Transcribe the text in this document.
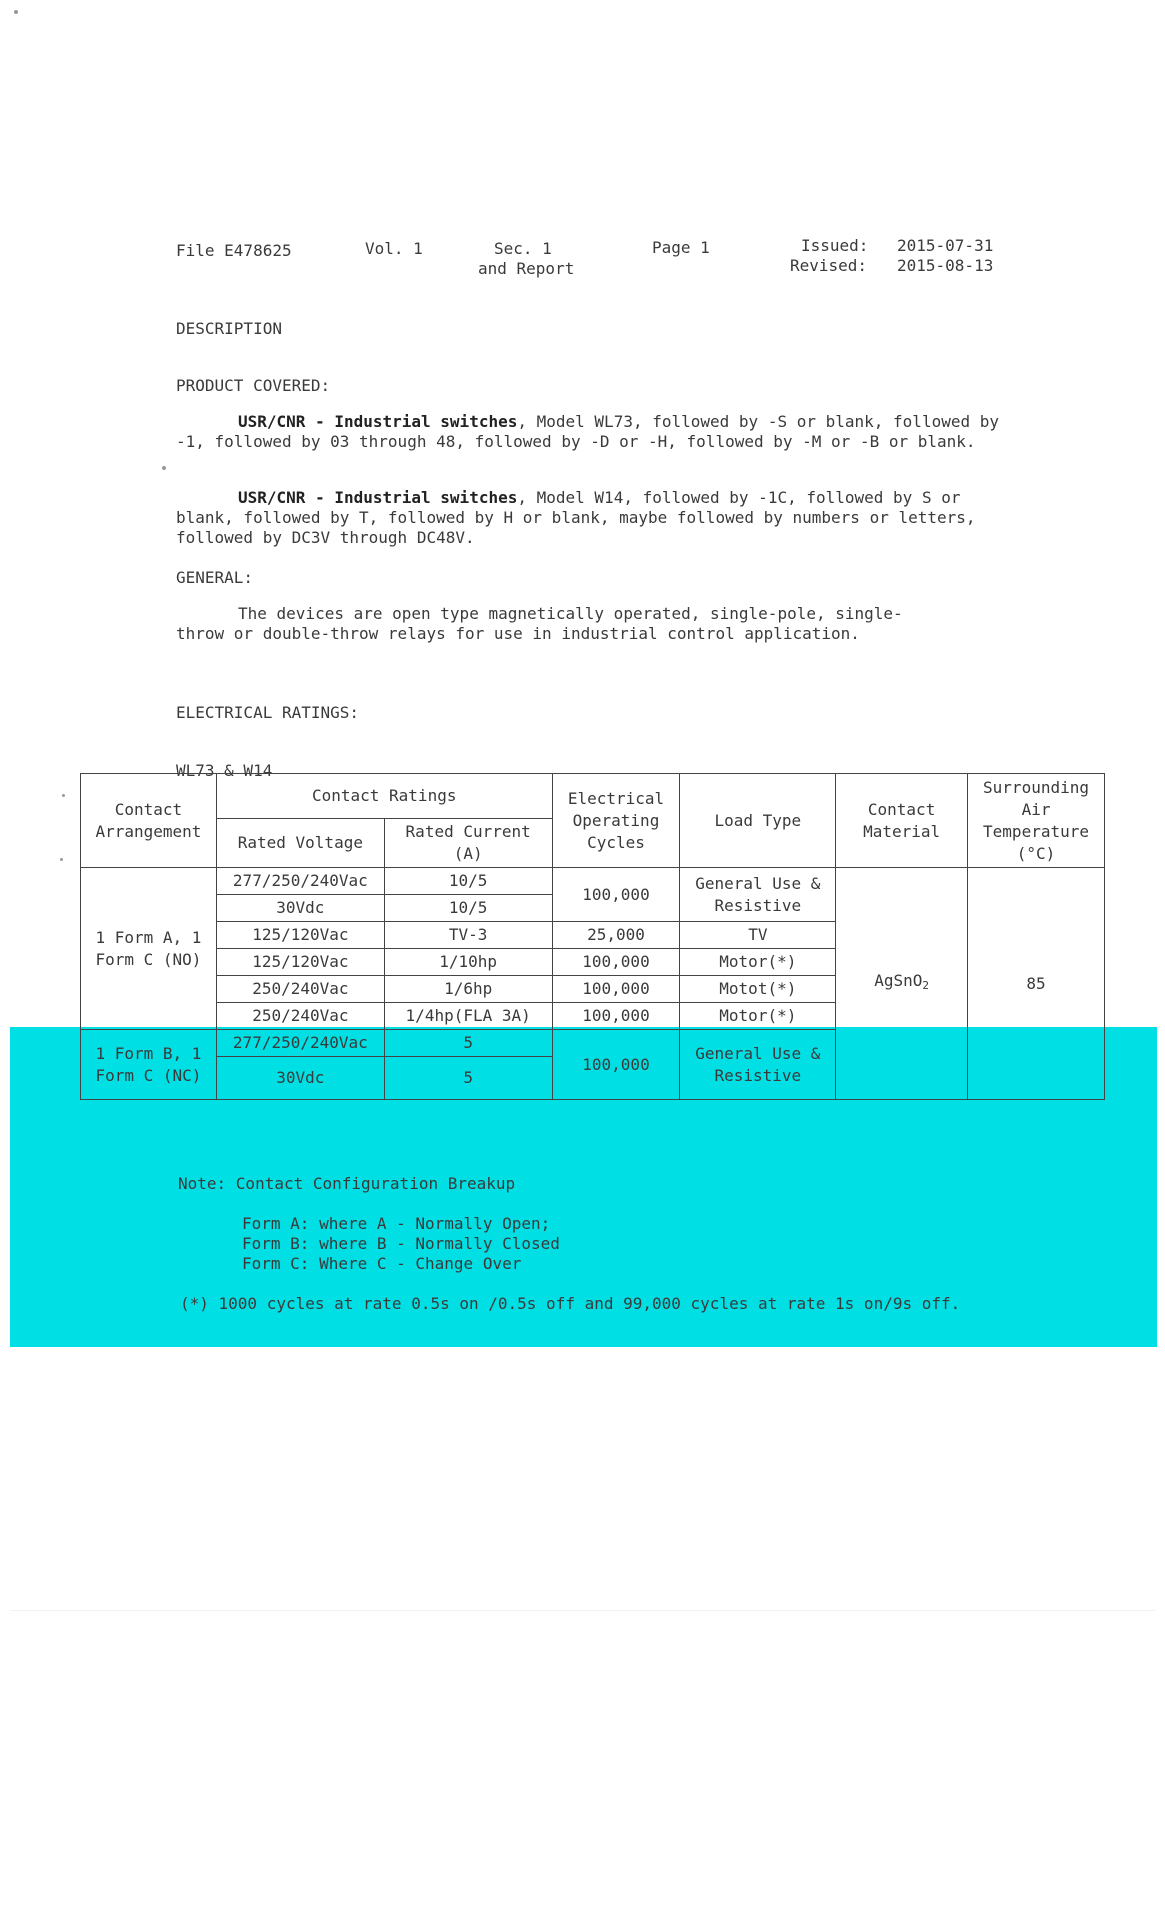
File E478625	Vol. 1	Sec. 1
and Report
Page 1	Issued: 2015-07-31
Revised: 2015-08-13
DESCRIPTION
PRODUCT COVERED:
USR/CNR - Industrial switches, Model WL73, followed by -S or blank, followed by -1, followed by 03 through 48, followed by -D or -H, followed by -M or -B or blank.
USR/CNR - Industrial switches, Model W14, followed by -1C, followed by S or blank, followed by T, followed by H or blank, maybe followed by numbers or letters, followed by DC3V through DC48V.
GENERAL:
The devices are open type magnetically operated, single-pole, single-throw or double-throw relays for use in industrial control application.
ELECTRICAL RATINGS:
WL73 & W14
Contact Arrangement	Contact Ratings		Electrical Operating Cycles	Load Type	Contact Material	Surrounding Air Temperature (°C)
	Rated Voltage	Rated Current (A)				
1 Form A, 1 Form C (NO)	277/250/240Vac	10/5	100,000	General Use & Resistive	AgSnO$_2$	85
	30Vdc	10/5				
	125/120Vac	TV-3	25,000	TV		
	125/120Vac	1/10hp	100,000	Motor(*)		
	250/240Vac	1/6hp	100,000	Motot(*)		
	250/240Vac	1/4hp(FLA 3A)	100,000	Motor(*)		
1 Form B, 1 Form C (NC)	277/250/240Vac	5	100,000	General Use & Resistive		
	30Vdc	5				
Note: Contact Configuration Breakup
Form A: where A - Normally Open;
Form B: where B - Normally Closed
Form C: Where C - Change Over
(*) 1000 cycles at rate 0.5s on /0.5s off and 99,000 cycles at rate 1s on/9s off.
